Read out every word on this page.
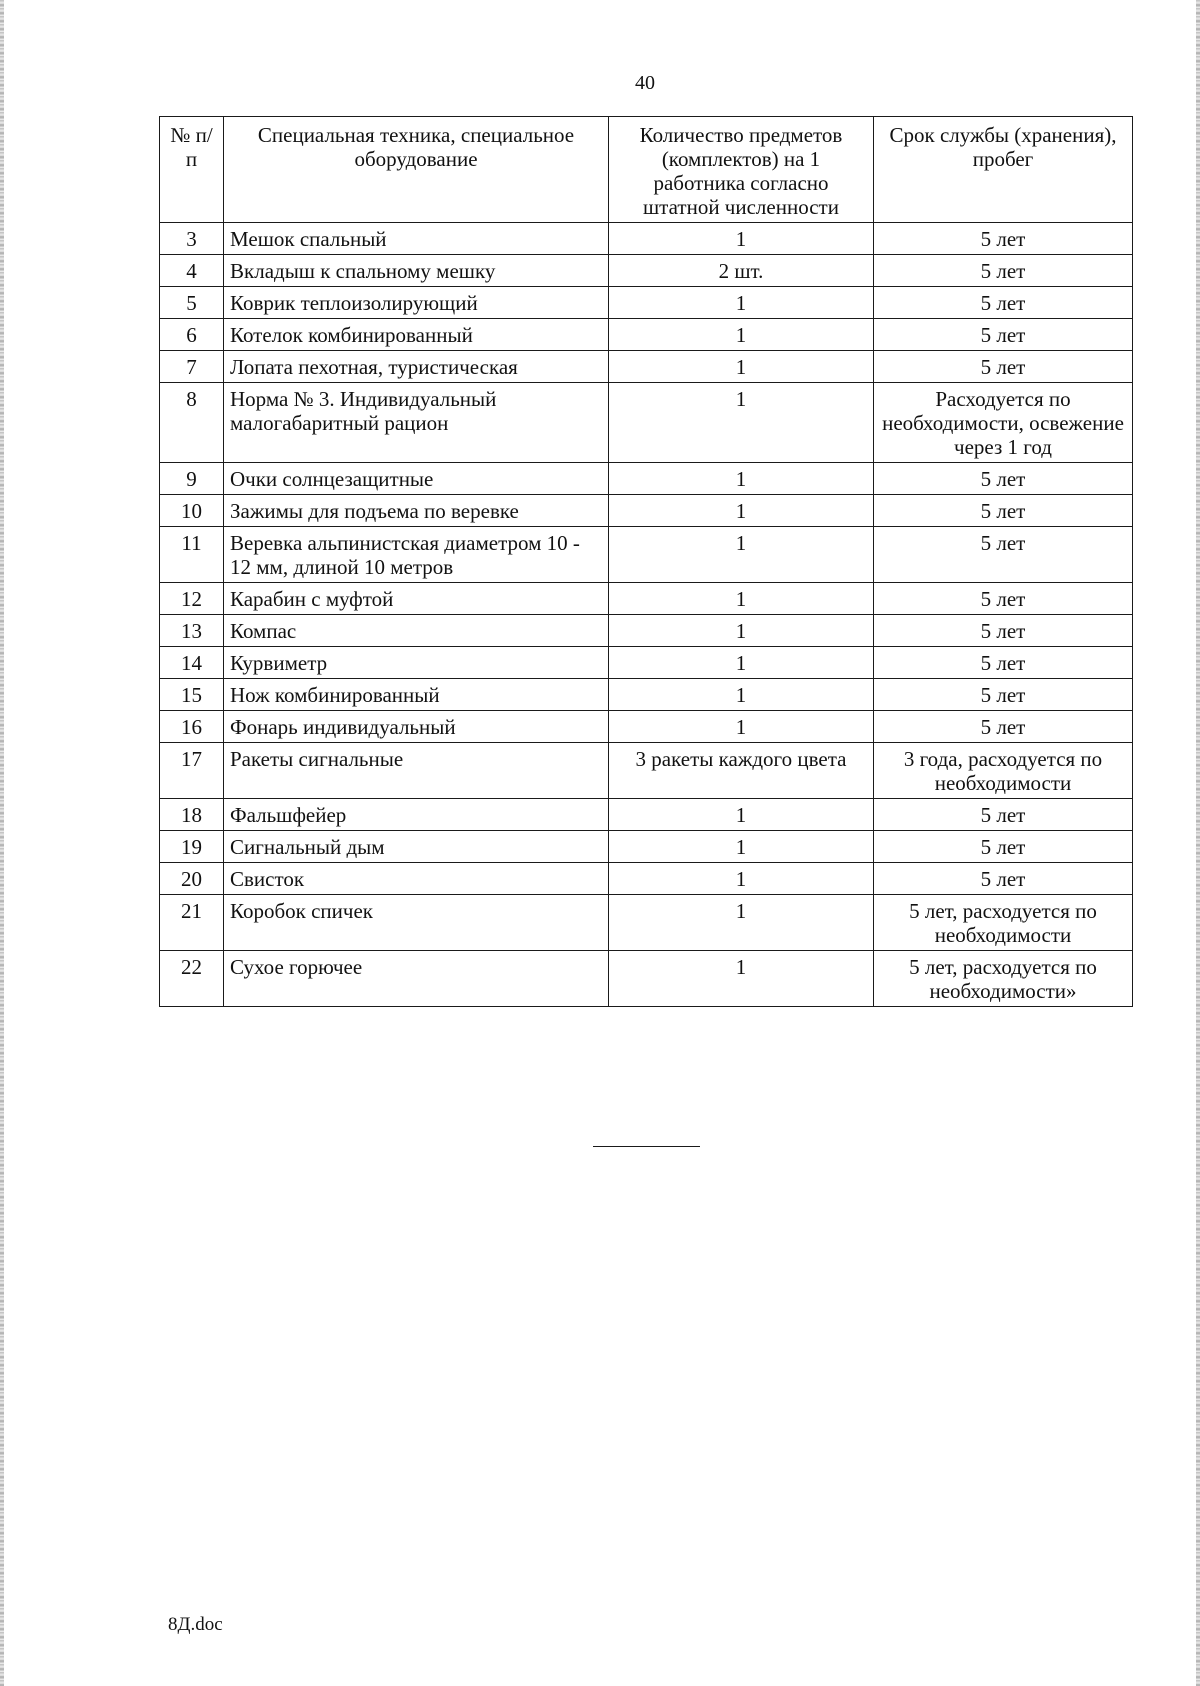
40
№ п/п	Специальная техника, специальное оборудование	Количество предметов (комплектов) на 1 работника согласно штатной численности	Срок службы (хранения), пробег
3	Мешок спальный	1	5 лет
4	Вкладыш к спальному мешку	2 шт.	5 лет
5	Коврик теплоизолирующий	1	5 лет
6	Котелок комбинированный	1	5 лет
7	Лопата пехотная, туристическая	1	5 лет
8	Норма № 3. Индивидуальный малогабаритный рацион	1	Расходуется по необходимости, освежение через 1 год
9	Очки солнцезащитные	1	5 лет
10	Зажимы для подъема по веревке	1	5 лет
11	Веревка альпинистская диаметром 10 - 12 мм, длиной 10 метров	1	5 лет
12	Карабин с муфтой	1	5 лет
13	Компас	1	5 лет
14	Курвиметр	1	5 лет
15	Нож комбинированный	1	5 лет
16	Фонарь индивидуальный	1	5 лет
17	Ракеты сигнальные	3 ракеты каждого цвета	3 года, расходуется по необходимости
18	Фальшфейер	1	5 лет
19	Сигнальный дым	1	5 лет
20	Свисток	1	5 лет
21	Коробок спичек	1	5 лет, расходуется по необходимости
22	Сухое горючее	1	5 лет, расходуется по необходимости»
8Д.doc
